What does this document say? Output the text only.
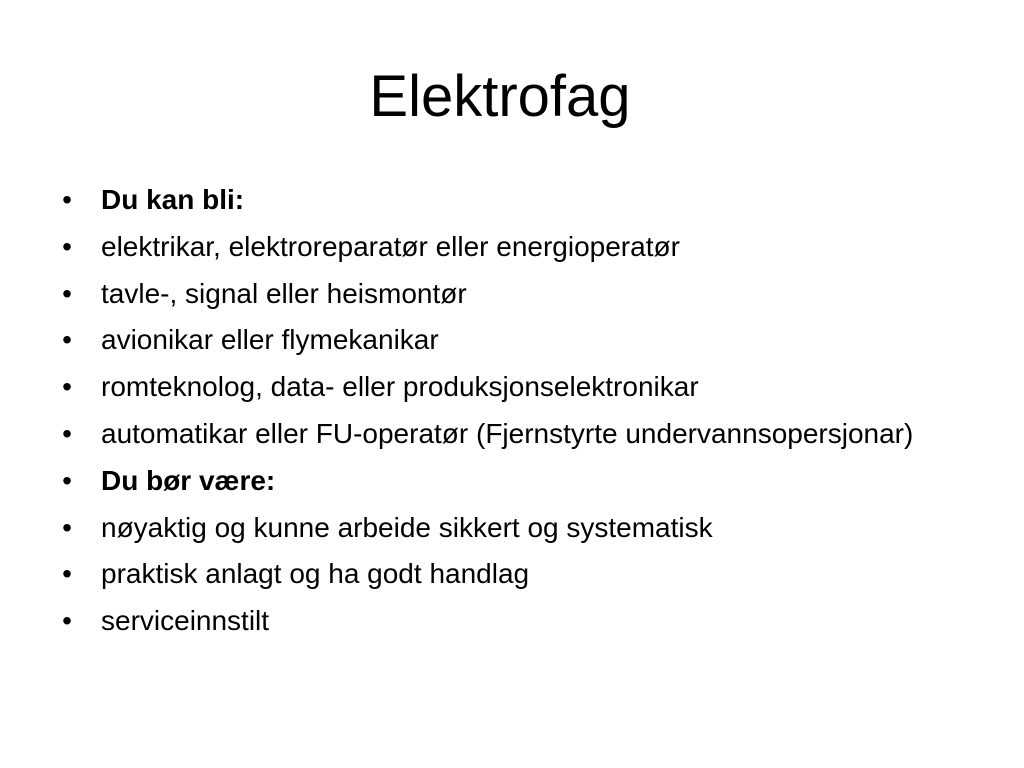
Elektrofag
• Du kan bli:
• elektrikar, elektroreparatør eller energioperatør
• tavle-, signal eller heismontør
• avionikar eller flymekanikar
• romteknolog, data- eller produksjonselektronikar
• automatikar eller FU-operatør (Fjernstyrte undervannsopersjonar)
• Du bør være:
• nøyaktig og kunne arbeide sikkert og systematisk
• praktisk anlagt og ha godt handlag
• serviceinnstilt
